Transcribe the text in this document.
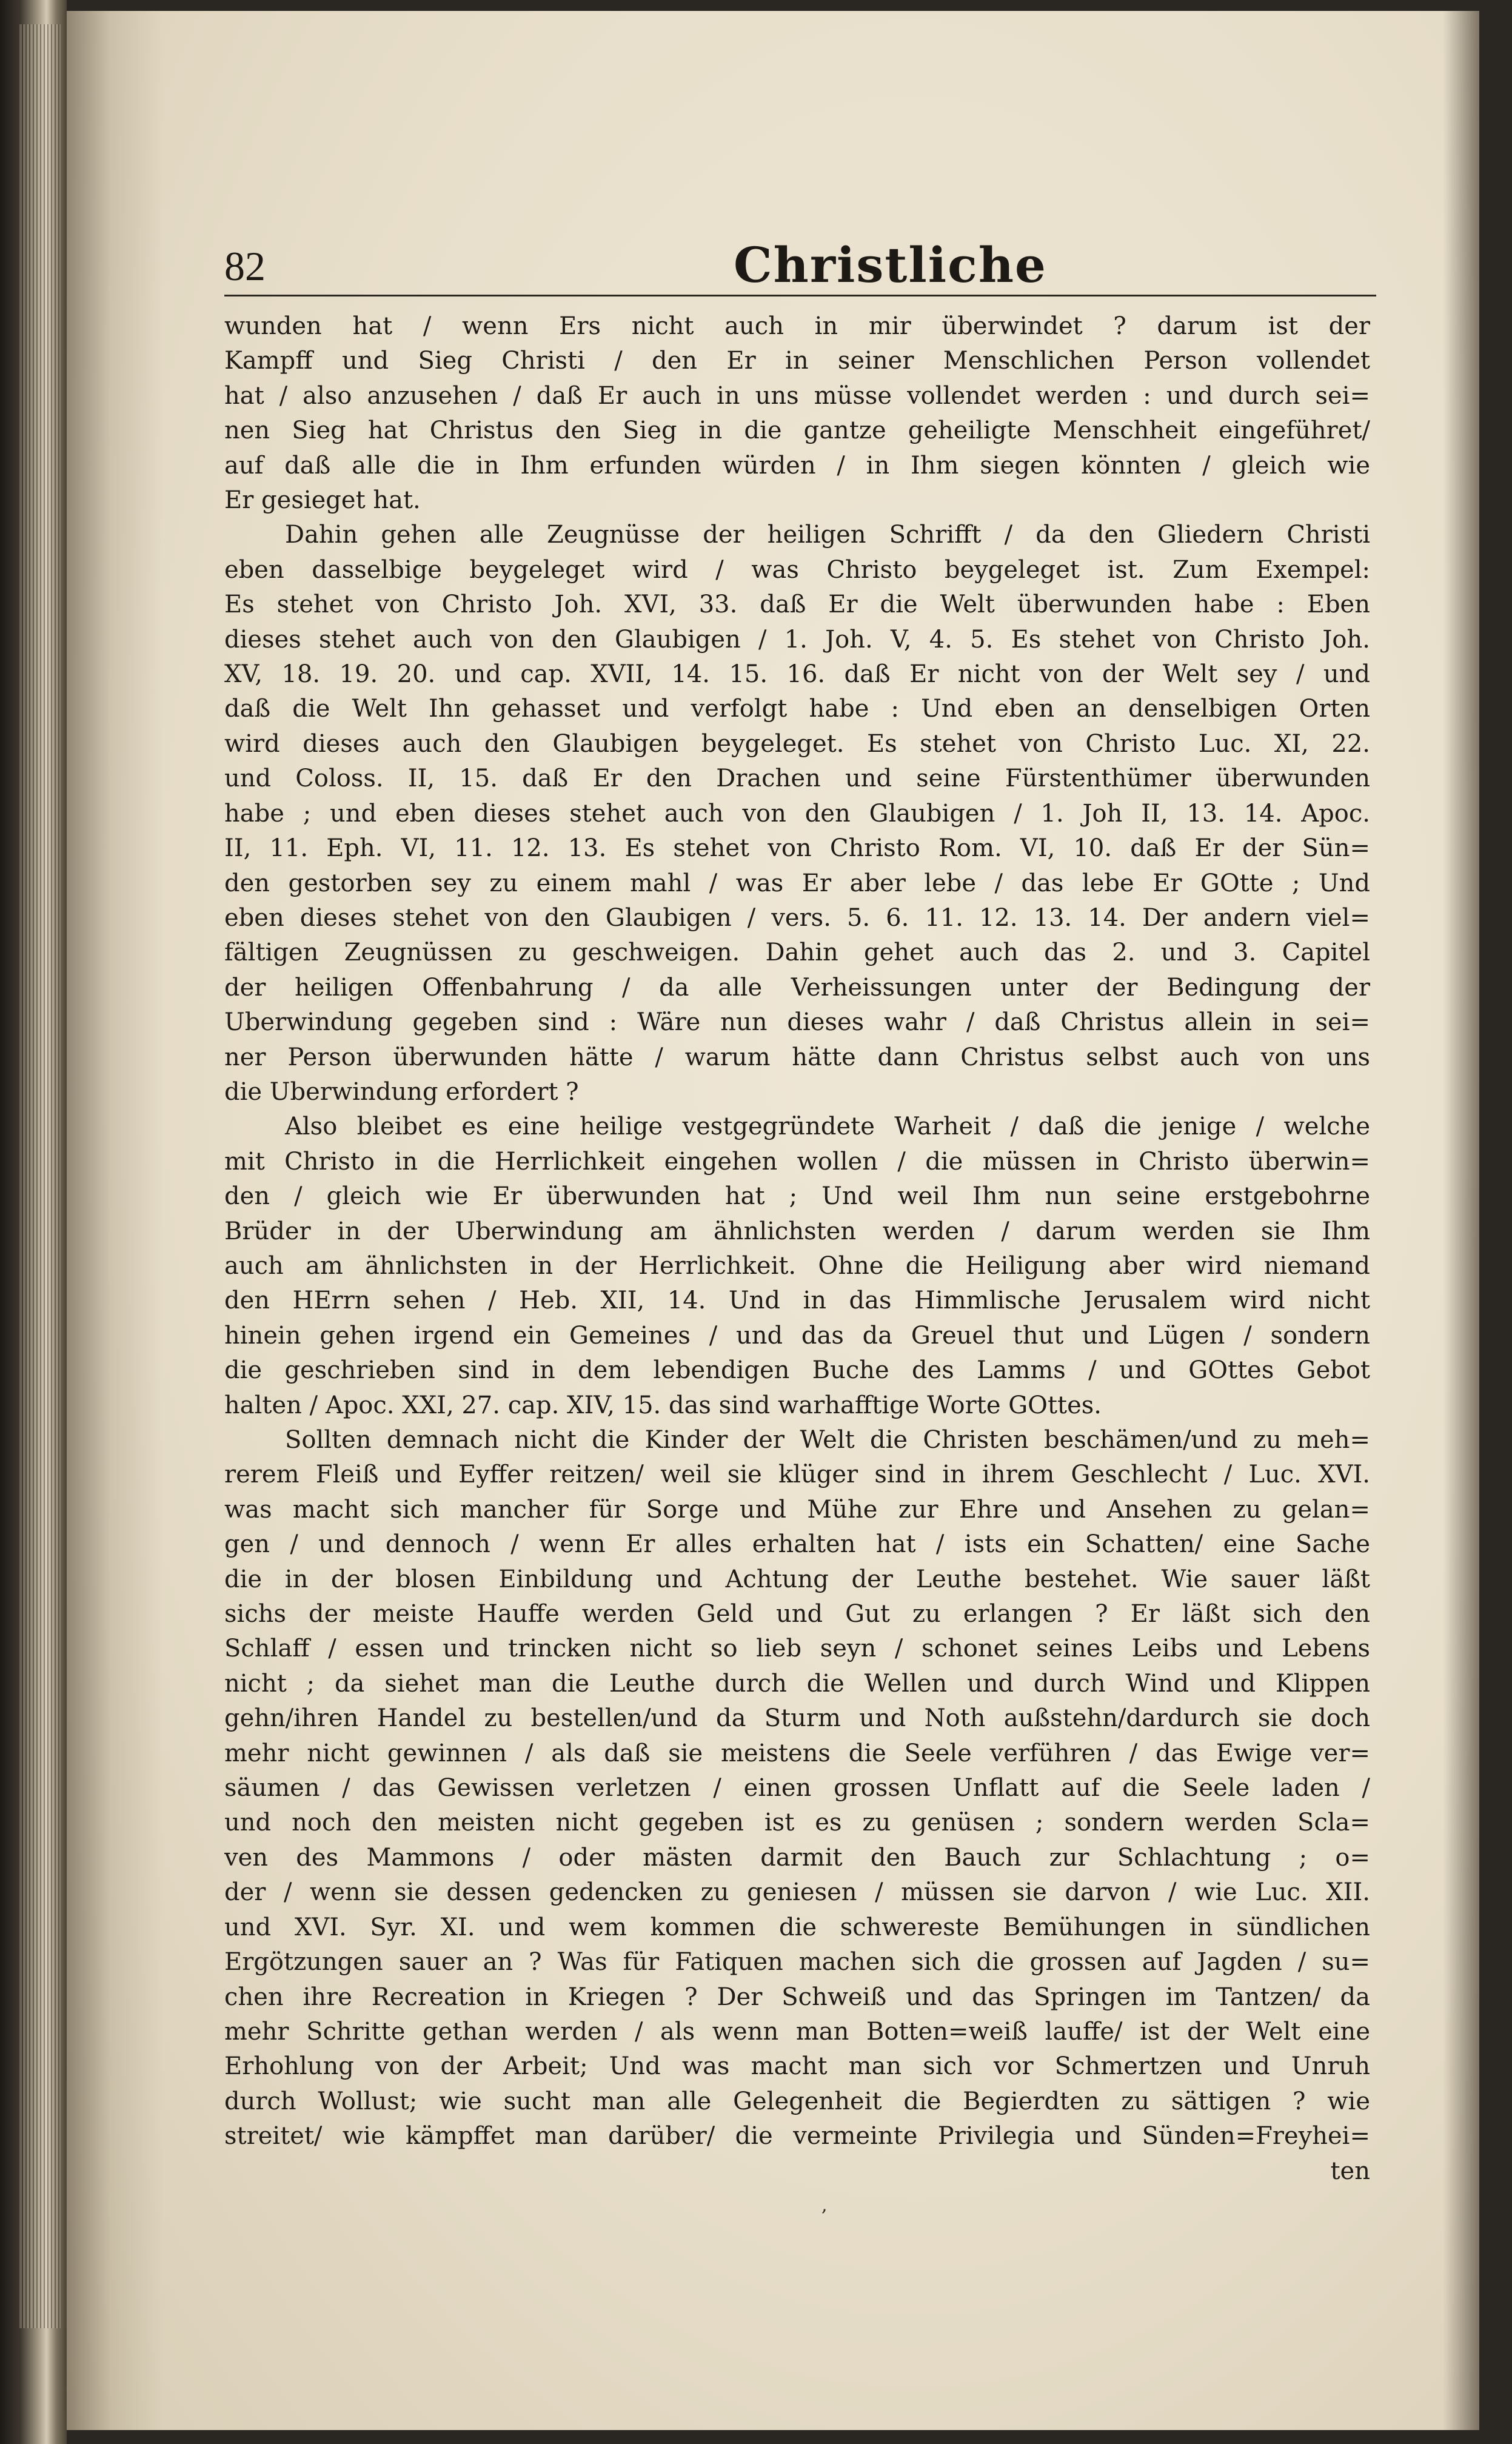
82	Christliche
wunden hat / wenn Ers nicht auch in mir überwindet ? darum ist der
Kampff und Sieg Christi / den Er in seiner Menschlichen Person vollendet
hat / also anzusehen / daß Er auch in uns müsse vollendet werden : und durch sei=
nen Sieg hat Christus den Sieg in die gantze geheiligte Menschheit eingeführet/
auf daß alle die in Ihm erfunden würden / in Ihm siegen könnten / gleich wie
Er gesieget hat.
Dahin gehen alle Zeugnüsse der heiligen Schrifft / da den Gliedern Christi
eben dasselbige beygeleget wird / was Christo beygeleget ist. Zum Exempel:
Es stehet von Christo Joh. XVI, 33. daß Er die Welt überwunden habe : Eben
dieses stehet auch von den Glaubigen / 1. Joh. V, 4. 5. Es stehet von Christo Joh.
XV, 18. 19. 20. und cap. XVII, 14. 15. 16. daß Er nicht von der Welt sey / und
daß die Welt Ihn gehasset und verfolgt habe : Und eben an denselbigen Orten
wird dieses auch den Glaubigen beygeleget. Es stehet von Christo Luc. XI, 22.
und Coloss. II, 15. daß Er den Drachen und seine Fürstenthümer überwunden
habe ; und eben dieses stehet auch von den Glaubigen / 1. Joh II, 13. 14. Apoc.
II, 11. Eph. VI, 11. 12. 13. Es stehet von Christo Rom. VI, 10. daß Er der Sün=
den gestorben sey zu einem mahl / was Er aber lebe / das lebe Er GOtte ; Und
eben dieses stehet von den Glaubigen / vers. 5. 6. 11. 12. 13. 14. Der andern viel=
fältigen Zeugnüssen zu geschweigen. Dahin gehet auch das 2. und 3. Capitel
der heiligen Offenbahrung / da alle Verheissungen unter der Bedingung der
Uberwindung gegeben sind : Wäre nun dieses wahr / daß Christus allein in sei=
ner Person überwunden hätte / warum hätte dann Christus selbst auch von uns
die Uberwindung erfordert ?
Also bleibet es eine heilige vestgegründete Warheit / daß die jenige / welche
mit Christo in die Herrlichkeit eingehen wollen / die müssen in Christo überwin=
den / gleich wie Er überwunden hat ; Und weil Ihm nun seine erstgebohrne
Brüder in der Uberwindung am ähnlichsten werden / darum werden sie Ihm
auch am ähnlichsten in der Herrlichkeit. Ohne die Heiligung aber wird niemand
den HErrn sehen / Heb. XII, 14. Und in das Himmlische Jerusalem wird nicht
hinein gehen irgend ein Gemeines / und das da Greuel thut und Lügen / sondern
die geschrieben sind in dem lebendigen Buche des Lamms / und GOttes Gebot
halten / Apoc. XXI, 27. cap. XIV, 15. das sind warhafftige Worte GOttes.
Sollten demnach nicht die Kinder der Welt die Christen beschämen/und zu meh=
rerem Fleiß und Eyffer reitzen/ weil sie klüger sind in ihrem Geschlecht / Luc. XVI.
was macht sich mancher für Sorge und Mühe zur Ehre und Ansehen zu gelan=
gen / und dennoch / wenn Er alles erhalten hat / ists ein Schatten/ eine Sache
die in der blosen Einbildung und Achtung der Leuthe bestehet. Wie sauer läßt
sichs der meiste Hauffe werden Geld und Gut zu erlangen ? Er läßt sich den
Schlaff / essen und trincken nicht so lieb seyn / schonet seines Leibs und Lebens
nicht ; da siehet man die Leuthe durch die Wellen und durch Wind und Klippen
gehn/ihren Handel zu bestellen/und da Sturm und Noth außstehn/dardurch sie doch
mehr nicht gewinnen / als daß sie meistens die Seele verführen / das Ewige ver=
säumen / das Gewissen verletzen / einen grossen Unflatt auf die Seele laden /
und noch den meisten nicht gegeben ist es zu genüsen ; sondern werden Scla=
ven des Mammons / oder mästen darmit den Bauch zur Schlachtung ; o=
der / wenn sie dessen gedencken zu geniesen / müssen sie darvon / wie Luc. XII.
und XVI. Syr. XI. und wem kommen die schwereste Bemühungen in sündlichen
Ergötzungen sauer an ? Was für Fatiquen machen sich die grossen auf Jagden / su=
chen ihre Recreation in Kriegen ? Der Schweiß und das Springen im Tantzen/ da
mehr Schritte gethan werden / als wenn man Botten=weiß lauffe/ ist der Welt eine
Erhohlung von der Arbeit; Und was macht man sich vor Schmertzen und Unruh
durch Wollust; wie sucht man alle Gelegenheit die Begierdten zu sättigen ? wie
streitet/ wie kämpffet man darüber/ die vermeinte Privilegia und Sünden=Freyhei=
ten
,
